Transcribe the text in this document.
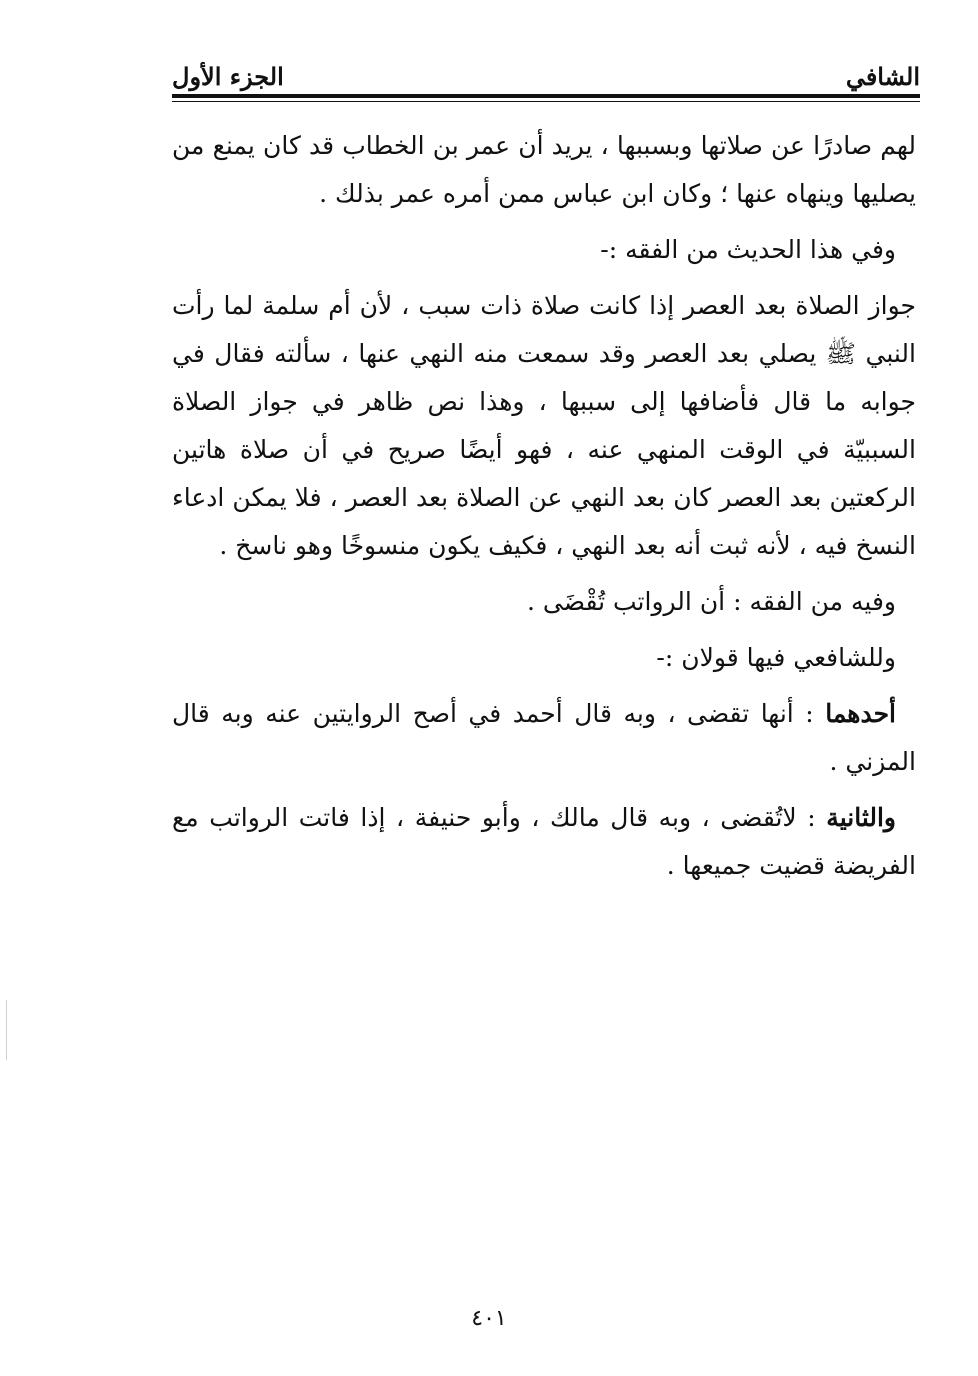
الشافي
الجزء الأول

لهم صادرًا عن صلاتها وبسببها ، يريد أن عمر بن الخطاب قد كان يمنع من يصليها وينهاه عنها ؛ وكان ابن عباس ممن أمره عمر بذلك .

وفي هذا الحديث من الفقه :-

جواز الصلاة بعد العصر إذا كانت صلاة ذات سبب ، لأن أم سلمة لما رأت النبي ﷺ يصلي بعد العصر وقد سمعت منه النهي عنها ، سألته فقال في جوابه ما قال فأضافها إلى سببها ، وهذا نص ظاهر في جواز الصلاة السببيّة في الوقت المنهي عنه ، فهو أيضًا صريح في أن صلاة هاتين الركعتين بعد العصر كان بعد النهي عن الصلاة بعد العصر ، فلا يمكن ادعاء النسخ فيه ، لأنه ثبت أنه بعد النهي ، فكيف يكون منسوخًا وهو ناسخ .

وفيه من الفقه : أن الرواتب تُقْضَى .

وللشافعي فيها قولان :-

أحدهما : أنها تقضى ، وبه قال أحمد في أصح الروايتين عنه وبه قال المزني .

والثانية : لاتُقضى ، وبه قال مالك ، وأبو حنيفة ، إذا فاتت الرواتب مع الفريضة قضيت جميعها .

٤٠١
